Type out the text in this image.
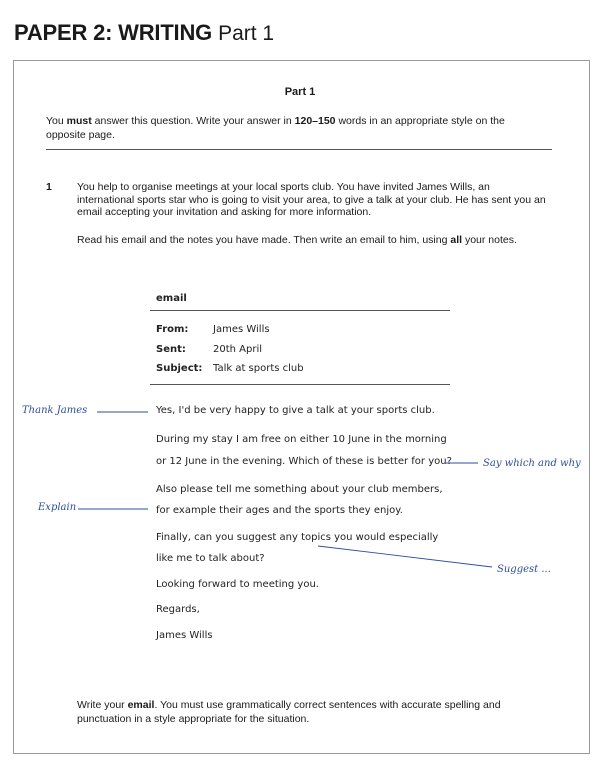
PAPER 2: WRITING Part 1
Part 1
You must answer this question. Write your answer in 120–150 words in an appropriate style on the opposite page.
1 You help to organise meetings at your local sports club. You have invited James Wills, an international sports star who is going to visit your area, to give a talk at your club. He has sent you an email accepting your invitation and asking for more information.
Read his email and the notes you have made. Then write an email to him, using all your notes.
email
From: James Wills
Sent:	20th April
Subject: Talk at sports club
Yes, I'd be very happy to give a talk at your sports club.
During my stay I am free on either 10 June in the morning
or 12 June in the evening. Which of these is better for you?
Also please tell me something about your club members,
for example their ages and the sports they enjoy.
Finally, can you suggest any topics you would especially
like me to talk about?
Looking forward to meeting you.
Regards,
James Wills
Thank James
Say which and why
Explain
Suggest ...
Write your email. You must use grammatically correct sentences with accurate spelling and punctuation in a style appropriate for the situation.
